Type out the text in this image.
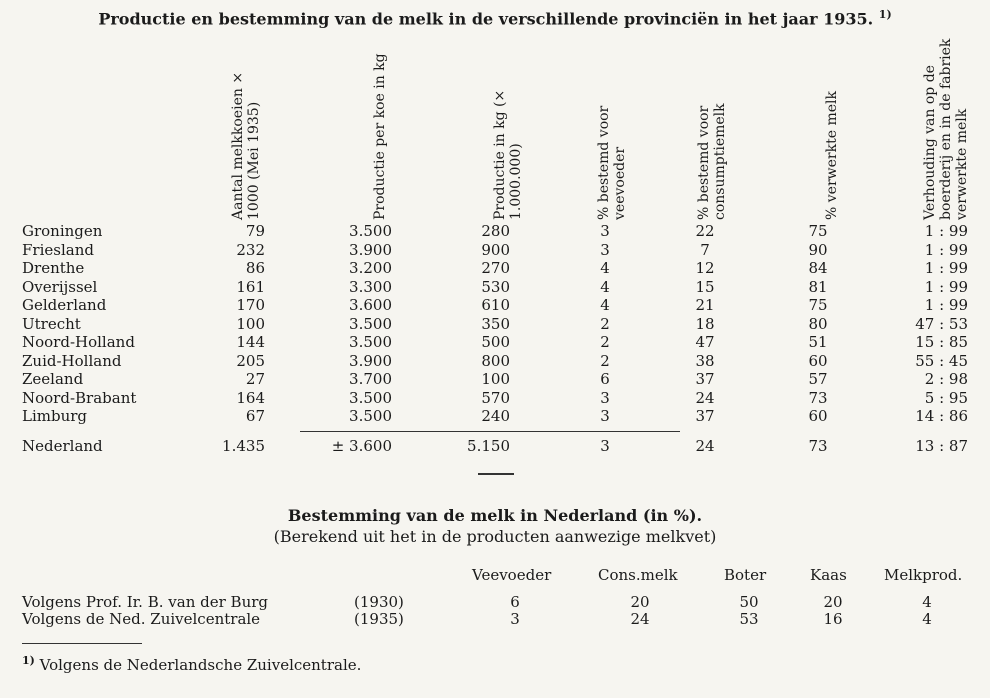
Productie en bestemming van de melk in de verschillende provinciën in het jaar 1935. $^{1)}$
Aantal melkkoeien × 1000 (Mei 1935)	Productie per koe in kg	Productie in kg (× 1.000.000)	% bestemd voor veevoeder	% bestemd voor consumptiemelk	% verwerkte melk	Verhouding van op de boerderij en in de fabriek verwerkte melk
Groningen	79	3.500	280	3	22	75	1 : 99
Friesland	232	3.900	900	3	7	90	1 : 99
Drenthe	86	3.200	270	4	12	84	1 : 99
Overijssel	161	3.300	530	4	15	81	1 : 99
Gelderland	170	3.600	610	4	21	75	1 : 99
Utrecht	100	3.500	350	2	18	80	47 : 53
Noord-Holland	144	3.500	500	2	47	51	15 : 85
Zuid-Holland	205	3.900	800	2	38	60	55 : 45
Zeeland	27	3.700	100	6	37	57	2 : 98
Noord-Brabant	164	3.500	570	3	24	73	5 : 95
Limburg	67	3.500	240	3	37	60	14 : 86
Nederland	1.435	± 3.600	5.150	3	24	73	13 : 87
Bestemming van de melk in Nederland (in %).
(Berekend uit het in de producten aanwezige melkvet)
Veevoeder	Cons.melk	Boter	Kaas Melkprod.
Volgens Prof. Ir. B. van der Burg	(1930)	6	20	50	20	4
Volgens de Ned. Zuivelcentrale	(1935)	3	24	53	16	4
$^{1)}$ Volgens de Nederlandsche Zuivelcentrale.
